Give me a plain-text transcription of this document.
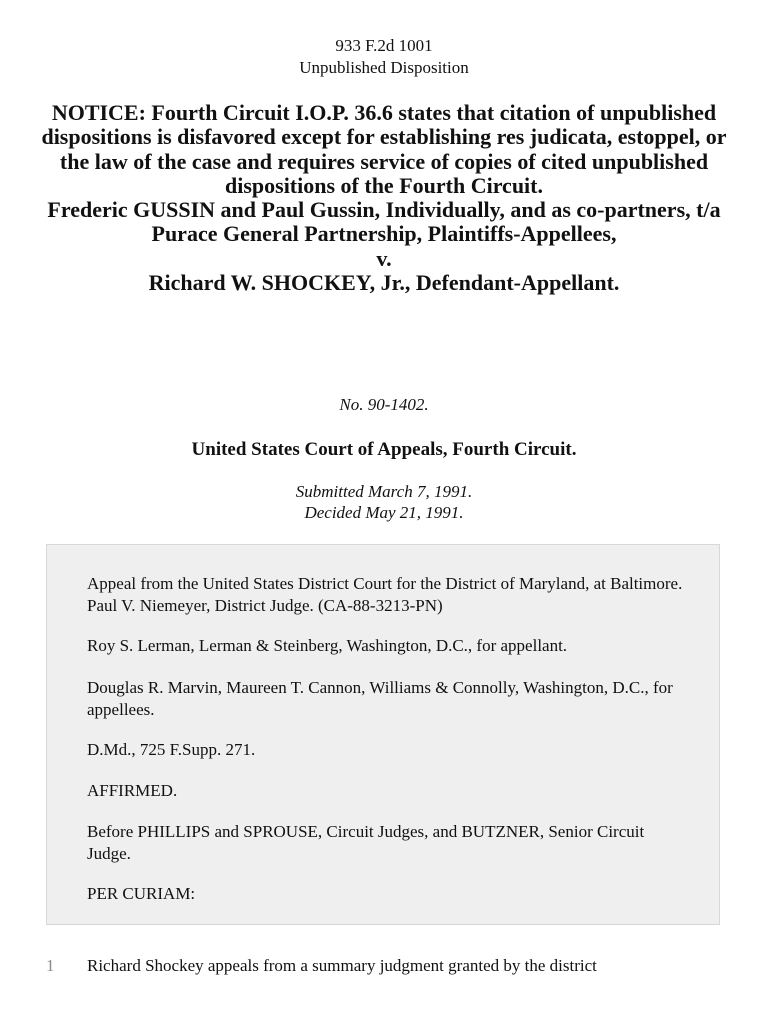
933 F.2d 1001
Unpublished Disposition
NOTICE: Fourth Circuit I.O.P. 36.6 states that citation of unpublished dispositions is disfavored except for establishing res judicata, estoppel, or the law of the case and requires service of copies of cited unpublished dispositions of the Fourth Circuit.
Frederic GUSSIN and Paul Gussin, Individually, and as co-partners, t/a Purace General Partnership, Plaintiffs-Appellees,
v.
Richard W. SHOCKEY, Jr., Defendant-Appellant.
No. 90-1402.
United States Court of Appeals, Fourth Circuit.
Submitted March 7, 1991.
Decided May 21, 1991.

Appeal from the United States District Court for the District of Maryland, at Baltimore. Paul V. Niemeyer, District Judge. (CA-88-3213-PN)

Roy S. Lerman, Lerman & Steinberg, Washington, D.C., for appellant.

Douglas R. Marvin, Maureen T. Cannon, Williams & Connolly, Washington, D.C., for appellees.

D.Md., 725 F.Supp. 271.

AFFIRMED.

Before PHILLIPS and SPROUSE, Circuit Judges, and BUTZNER, Senior Circuit Judge.

PER CURIAM:

1 Richard Shockey appeals from a summary judgment granted by the district
